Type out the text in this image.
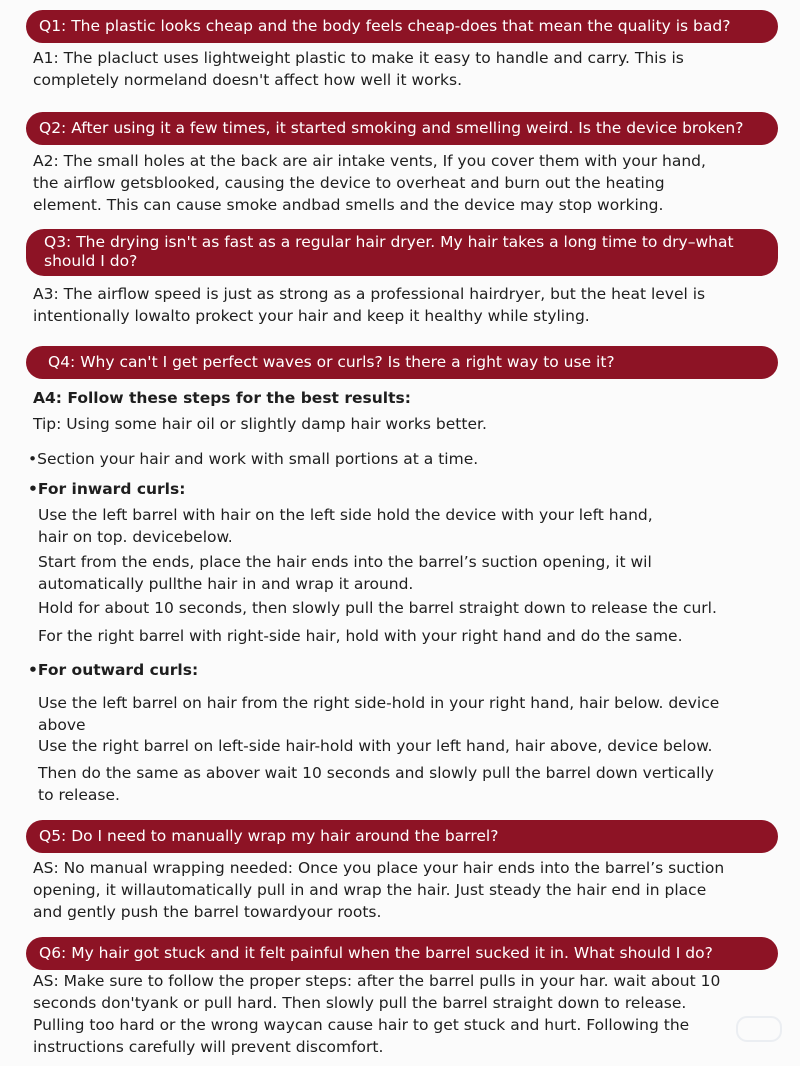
Q1: The plastic looks cheap and the body feels cheap-does that mean the quality is bad?
A1: The placluct uses lightweight plastic to make it easy to handle and carry. This is
completely normeland doesn't affect how well it works.
Q2: After using it a few times, it started smoking and smelling weird. Is the device broken?
A2: The small holes at the back are air intake vents, If you cover them with your hand,
the airflow getsblooked, causing the device to overheat and burn out the heating
element. This can cause smoke andbad smells and the device may stop working.
Q3: The drying isn't as fast as a regular hair dryer. My hair takes a long time to dry–what should I do?
A3: The airflow speed is just as strong as a professional hairdryer, but the heat level is
intentionally lowalto prokect your hair and keep it healthy while styling.
Q4: Why can't I get perfect waves or curls? Is there a right way to use it?
A4: Follow these steps for the best results:
Tip: Using some hair oil or slightly damp hair works better.
•Section your hair and work with small portions at a time.
•For inward curls:
Use the left barrel with hair on the left side hold the device with your left hand,
hair on top. devicebelow.
Start from the ends, place the hair ends into the barrel’s suction opening, it wil
automatically pullthe hair in and wrap it around.
Hold for about 10 seconds, then slowly pull the barrel straight down to release the curl.
For the right barrel with right-side hair, hold with your right hand and do the same.
•For outward curls:
Use the left barrel on hair from the right side-hold in your right hand, hair below. device
above
Use the right barrel on left-side hair-hold with your left hand, hair above, device below.
Then do the same as abover wait 10 seconds and slowly pull the barrel down vertically
to release.
Q5: Do I need to manually wrap my hair around the barrel?
AS: No manual wrapping needed: Once you place your hair ends into the barrel’s suction
opening, it willautomatically pull in and wrap the hair. Just steady the hair end in place
and gently push the barrel towardyour roots.
Q6: My hair got stuck and it felt painful when the barrel sucked it in. What should I do?
AS: Make sure to follow the proper steps: after the barrel pulls in your har. wait about 10
seconds don'tyank or pull hard. Then slowly pull the barrel straight down to release.
Pulling too hard or the wrong waycan cause hair to get stuck and hurt. Following the
instructions carefully will prevent discomfort.
